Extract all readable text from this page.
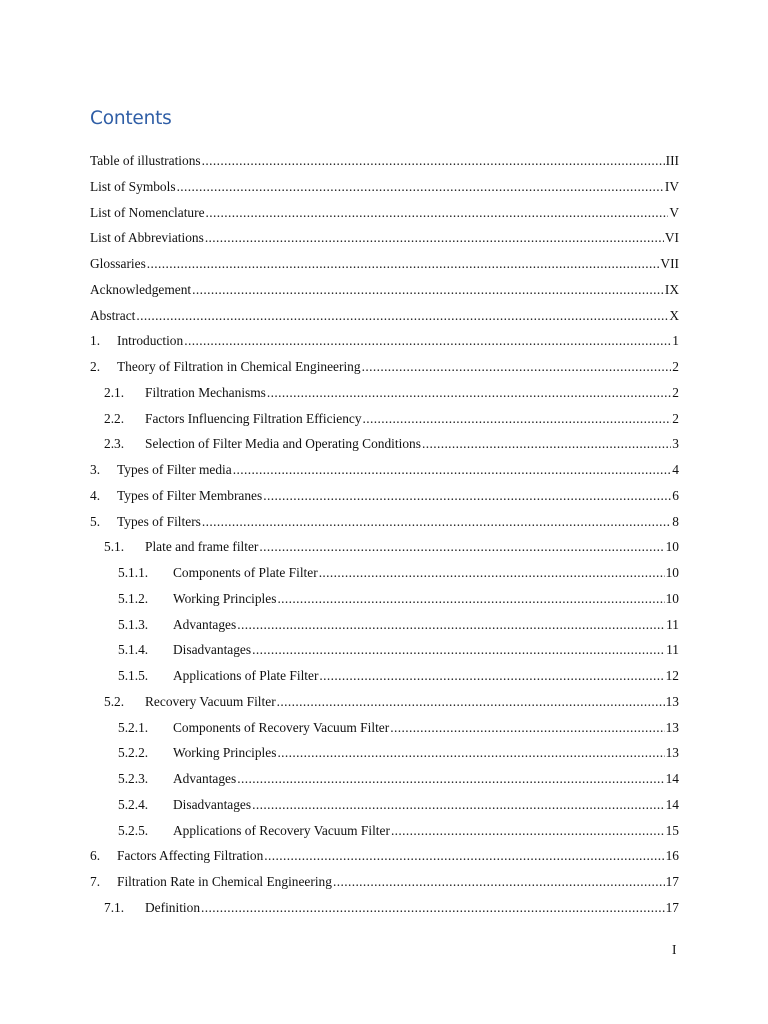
Contents
Table of illustrations .....	III
List of Symbols .....	IV
List of Nomenclature .....	V
List of Abbreviations .....	VI
Glossaries .....	VII
Acknowledgement .....	IX
Abstract .....	X
1.	Introduction .....	1
2.	Theory of Filtration in Chemical Engineering .....	2
2.1.	Filtration Mechanisms .....	2
2.2.	Factors Influencing Filtration Efficiency .....	2
2.3.	Selection of Filter Media and Operating Conditions .....	3
3.	Types of Filter media .....	4
4.	Types of Filter Membranes .....	6
5.	Types of Filters .....	8
5.1.	Plate and frame filter .....	10
5.1.1.	Components of Plate Filter .....	10
5.1.2.	Working Principles .....	10
5.1.3.	Advantages .....	11
5.1.4.	Disadvantages .....	11
5.1.5.	Applications of Plate Filter .....	12
5.2.	Recovery Vacuum Filter .....	13
5.2.1.	Components of Recovery Vacuum Filter .....	13
5.2.2.	Working Principles .....	13
5.2.3.	Advantages .....	14
5.2.4.	Disadvantages .....	14
5.2.5.	Applications of Recovery Vacuum Filter .....	15
6.	Factors Affecting Filtration .....	16
7.	Filtration Rate in Chemical Engineering .....	17
7.1.	Definition .....	17
I
